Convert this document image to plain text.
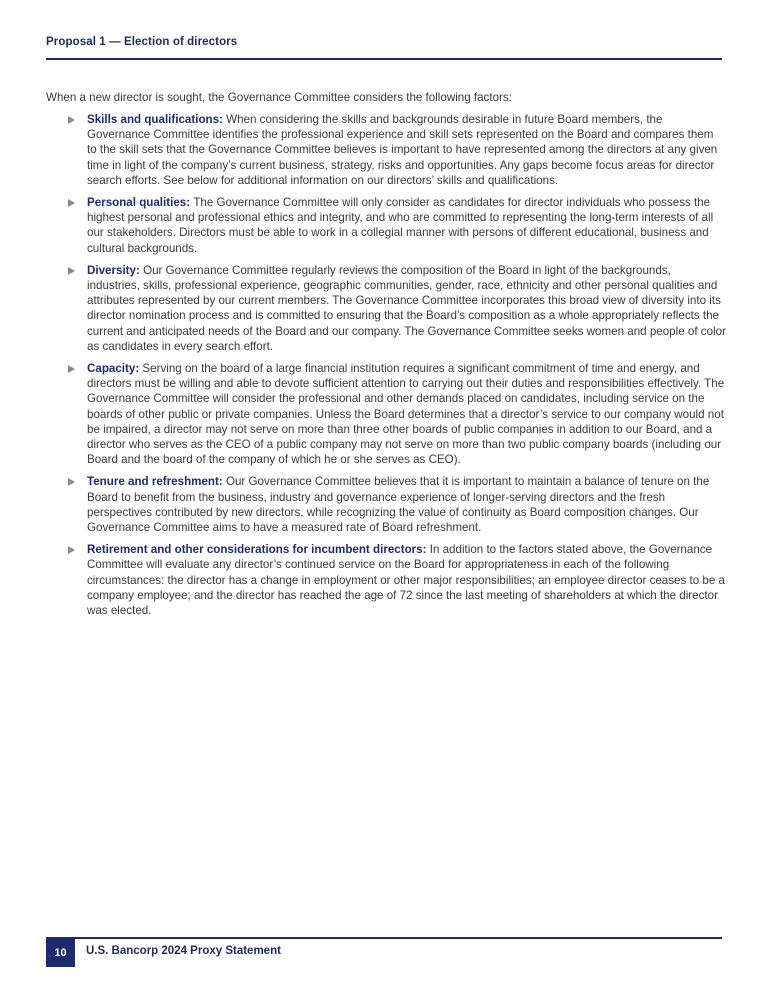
Proposal 1 — Election of directors

When a new director is sought, the Governance Committee considers the following factors:

Skills and qualifications: When considering the skills and backgrounds desirable in future Board members, the Governance Committee identifies the professional experience and skill sets represented on the Board and compares them to the skill sets that the Governance Committee believes is important to have represented among the directors at any given time in light of the company’s current business, strategy, risks and opportunities. Any gaps become focus areas for director search efforts. See below for additional information on our directors’ skills and qualifications.
Personal qualities: The Governance Committee will only consider as candidates for director individuals who possess the highest personal and professional ethics and integrity, and who are committed to representing the long-term interests of all our stakeholders. Directors must be able to work in a collegial manner with persons of different educational, business and cultural backgrounds.
Diversity: Our Governance Committee regularly reviews the composition of the Board in light of the backgrounds, industries, skills, professional experience, geographic communities, gender, race, ethnicity and other personal qualities and attributes represented by our current members. The Governance Committee incorporates this broad view of diversity into its director nomination process and is committed to ensuring that the Board’s composition as a whole appropriately reflects the current and anticipated needs of the Board and our company. The Governance Committee seeks women and people of color as candidates in every search effort.
Capacity: Serving on the board of a large financial institution requires a significant commitment of time and energy, and directors must be willing and able to devote sufficient attention to carrying out their duties and responsibilities effectively. The Governance Committee will consider the professional and other demands placed on candidates, including service on the boards of other public or private companies. Unless the Board determines that a director’s service to our company would not be impaired, a director may not serve on more than three other boards of public companies in addition to our Board, and a director who serves as the CEO of a public company may not serve on more than two public company boards (including our Board and the board of the company of which he or she serves as CEO).
Tenure and refreshment: Our Governance Committee believes that it is important to maintain a balance of tenure on the Board to benefit from the business, industry and governance experience of longer-serving directors and the fresh perspectives contributed by new directors, while recognizing the value of continuity as Board composition changes. Our Governance Committee aims to have a measured rate of Board refreshment.
Retirement and other considerations for incumbent directors: In addition to the factors stated above, the Governance Committee will evaluate any director’s continued service on the Board for appropriateness in each of the following circumstances: the director has a change in employment or other major responsibilities; an employee director ceases to be a company employee; and the director has reached the age of 72 since the last meeting of shareholders at which the director was elected.
10 U.S. Bancorp 2024 Proxy Statement
